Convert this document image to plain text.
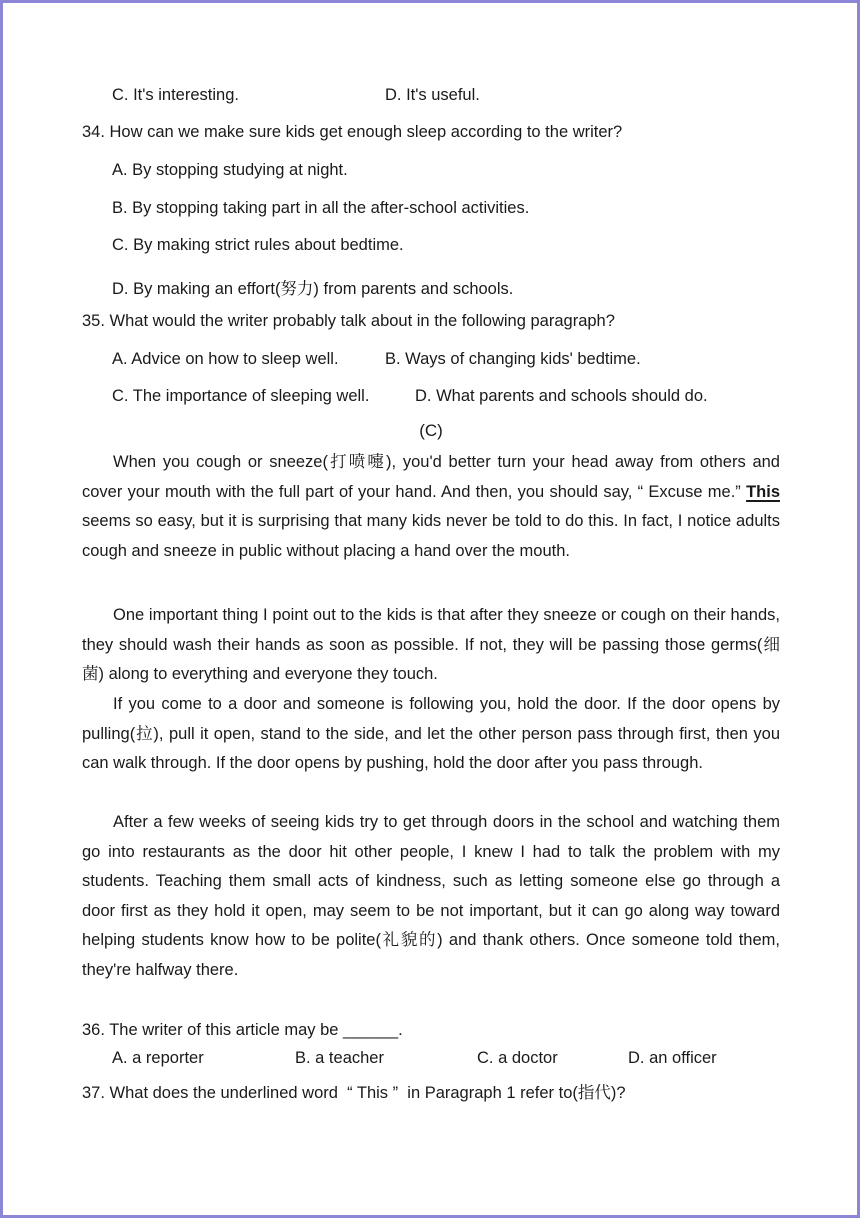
C. It's interesting.	D. It's useful.
34. How can we make sure kids get enough sleep according to the writer?
A. By stopping studying at night.
B. By stopping taking part in all the after-school activities.
C. By making strict rules about bedtime.
D. By making an effort(努力) from parents and schools.
35. What would the writer probably talk about in the following paragraph?
A. Advice on how to sleep well.	B. Ways of changing kids' bedtime.
C. The importance of sleeping well.	D. What parents and schools should do.
(C)
When you cough or sneeze(打喷嚏), you'd better turn your head away from others and cover your mouth with the full part of your hand. And then, you should say, “ Excuse me.” This seems so easy, but it is surprising that many kids never be told to do this. In fact, I notice adults cough and sneeze in public without placing a hand over the mouth.
One important thing I point out to the kids is that after they sneeze or cough on their hands, they should wash their hands as soon as possible. If not, they will be passing those germs(细菌) along to everything and everyone they touch.
If you come to a door and someone is following you, hold the door. If the door opens by pulling(拉), pull it open, stand to the side, and let the other person pass through first, then you can walk through. If the door opens by pushing, hold the door after you pass through.
After a few weeks of seeing kids try to get through doors in the school and watching them go into restaurants as the door hit other people, I knew I had to talk the problem with my students. Teaching them small acts of kindness, such as letting someone else go through a door first as they hold it open, may seem to be not important, but it can go along way toward helping students know how to be polite(礼貌的) and thank others. Once someone told them, they're halfway there.
36. The writer of this article may be ______.
A. a reporter	B. a teacher	C. a doctor	D. an officer
37. What does the underlined word  “ This ”  in Paragraph 1 refer to(指代)?
